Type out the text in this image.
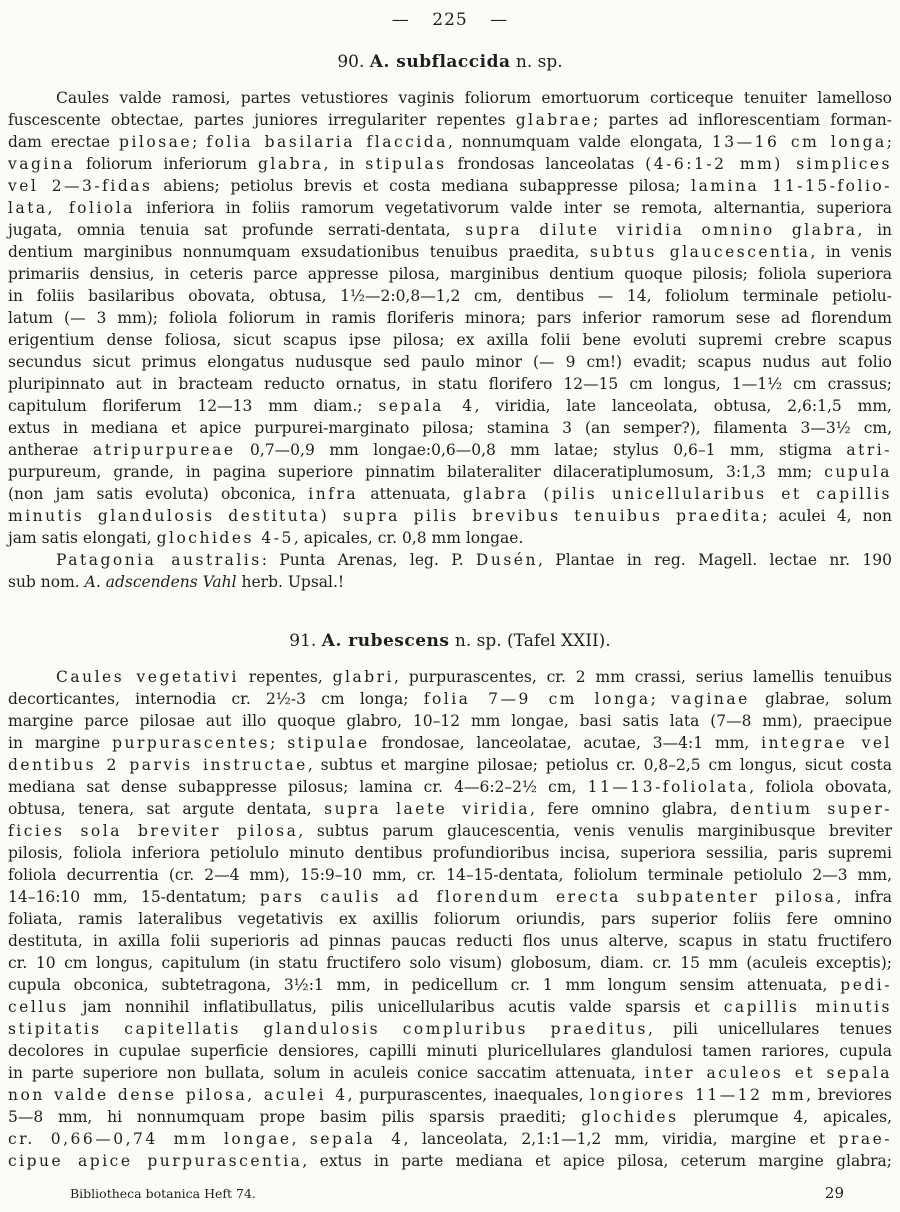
— 225 —
90. A. subflaccida n. sp.
Caules valde ramosi, partes vetustiores vaginis foliorum emortuorum corticeque tenuiter lamelloso
fuscescente obtectae, partes juniores irregulariter repentes glabrae; partes ad inflorescentiam forman-
dam erectae pilosae; folia basilaria flaccida, nonnumquam valde elongata, 13—16 cm longa;
vagina foliorum inferiorum glabra, in stipulas frondosas lanceolatas (4-6:1-2 mm) simplices
vel 2—3-fidas abiens; petiolus brevis et costa mediana subappresse pilosa; lamina 11-15-folio-
lata, foliola inferiora in foliis ramorum vegetativorum valde inter se remota, alternantia, superiora
jugata, omnia tenuia sat profunde serrati-dentata, supra dilute viridia omnino glabra, in
dentium marginibus nonnumquam exsudationibus tenuibus praedita, subtus glaucescentia, in venis
primariis densius, in ceteris parce appresse pilosa, marginibus dentium quoque pilosis; foliola superiora
in foliis basilaribus obovata, obtusa, 1½—2:0,8—1,2 cm, dentibus — 14, foliolum terminale petiolu-
latum (— 3 mm); foliola foliorum in ramis floriferis minora; pars inferior ramorum sese ad florendum
erigentium dense foliosa, sicut scapus ipse pilosa; ex axilla folii bene evoluti supremi crebre scapus
secundus sicut primus elongatus nudusque sed paulo minor (— 9 cm!) evadit; scapus nudus aut folio
pluripinnato aut in bracteam reducto ornatus, in statu florifero 12—15 cm longus, 1—1½ cm crassus;
capitulum floriferum 12—13 mm diam.; sepala 4, viridia, late lanceolata, obtusa, 2,6:1,5 mm,
extus in mediana et apice purpurei-marginato pilosa; stamina 3 (an semper?), filamenta 3—3½ cm,
antherae atripurpureae 0,7—0,9 mm longae:0,6—0,8 mm latae; stylus 0,6–1 mm, stigma atri-
purpureum, grande, in pagina superiore pinnatim bilateraliter dilaceratiplumosum, 3:1,3 mm; cupula
(non jam satis evoluta) obconica, infra attenuata, glabra (pilis unicellularibus et capillis
minutis glandulosis destituta) supra pilis brevibus tenuibus praedita; aculei 4, non
jam satis elongati, glochides 4-5, apicales, cr. 0,8 mm longae.
Patagonia australis: Punta Arenas, leg. P. Dusén, Plantae in reg. Magell. lectae nr. 190
sub nom. A. adscendens Vahl herb. Upsal.!
91. A. rubescens n. sp. (Tafel XXII).
Caules vegetativi repentes, glabri, purpurascentes, cr. 2 mm crassi, serius lamellis tenuibus
decorticantes, internodia cr. 2½-3 cm longa; folia 7—9 cm longa; vaginae glabrae, solum
margine parce pilosae aut illo quoque glabro, 10–12 mm longae, basi satis lata (7—8 mm), praecipue
in margine purpurascentes; stipulae frondosae, lanceolatae, acutae, 3—4:1 mm, integrae vel
dentibus 2 parvis instructae, subtus et margine pilosae; petiolus cr. 0,8–2,5 cm longus, sicut costa
mediana sat dense subappresse pilosus; lamina cr. 4—6:2–2½ cm, 11—13-foliolata, foliola obovata,
obtusa, tenera, sat argute dentata, supra laete viridia, fere omnino glabra, dentium super-
ficies sola breviter pilosa, subtus parum glaucescentia, venis venulis marginibusque breviter
pilosis, foliola inferiora petiolulo minuto dentibus profundioribus incisa, superiora sessilia, paris supremi
foliola decurrentia (cr. 2—4 mm), 15:9–10 mm, cr. 14–15-dentata, foliolum terminale petiolulo 2—3 mm,
14–16:10 mm, 15-dentatum; pars caulis ad florendum erecta subpatenter pilosa, infra
foliata, ramis lateralibus vegetativis ex axillis foliorum oriundis, pars superior foliis fere omnino
destituta, in axilla folii superioris ad pinnas paucas reducti flos unus alterve, scapus in statu fructifero
cr. 10 cm longus, capitulum (in statu fructifero solo visum) globosum, diam. cr. 15 mm (aculeis exceptis);
cupula obconica, subtetragona, 3½:1 mm, in pedicellum cr. 1 mm longum sensim attenuata, pedi-
cellus jam nonnihil inflatibullatus, pilis unicellularibus acutis valde sparsis et capillis minutis
stipitatis capitellatis glandulosis compluribus praeditus, pili unicellulares tenues
decolores in cupulae superficie densiores, capilli minuti pluricellulares glandulosi tamen rariores, cupula
in parte superiore non bullata, solum in aculeis conice saccatim attenuata, inter aculeos et sepala
non valde dense pilosa, aculei 4, purpurascentes, inaequales, longiores 11—12 mm, breviores
5—8 mm, hi nonnumquam prope basim pilis sparsis praediti; glochides plerumque 4, apicales,
cr. 0,66—0,74 mm longae, sepala 4, lanceolata, 2,1:1—1,2 mm, viridia, margine et prae-
cipue apice purpurascentia, extus in parte mediana et apice pilosa, ceterum margine glabra;
Bibliotheca botanica Heft 74.	29
